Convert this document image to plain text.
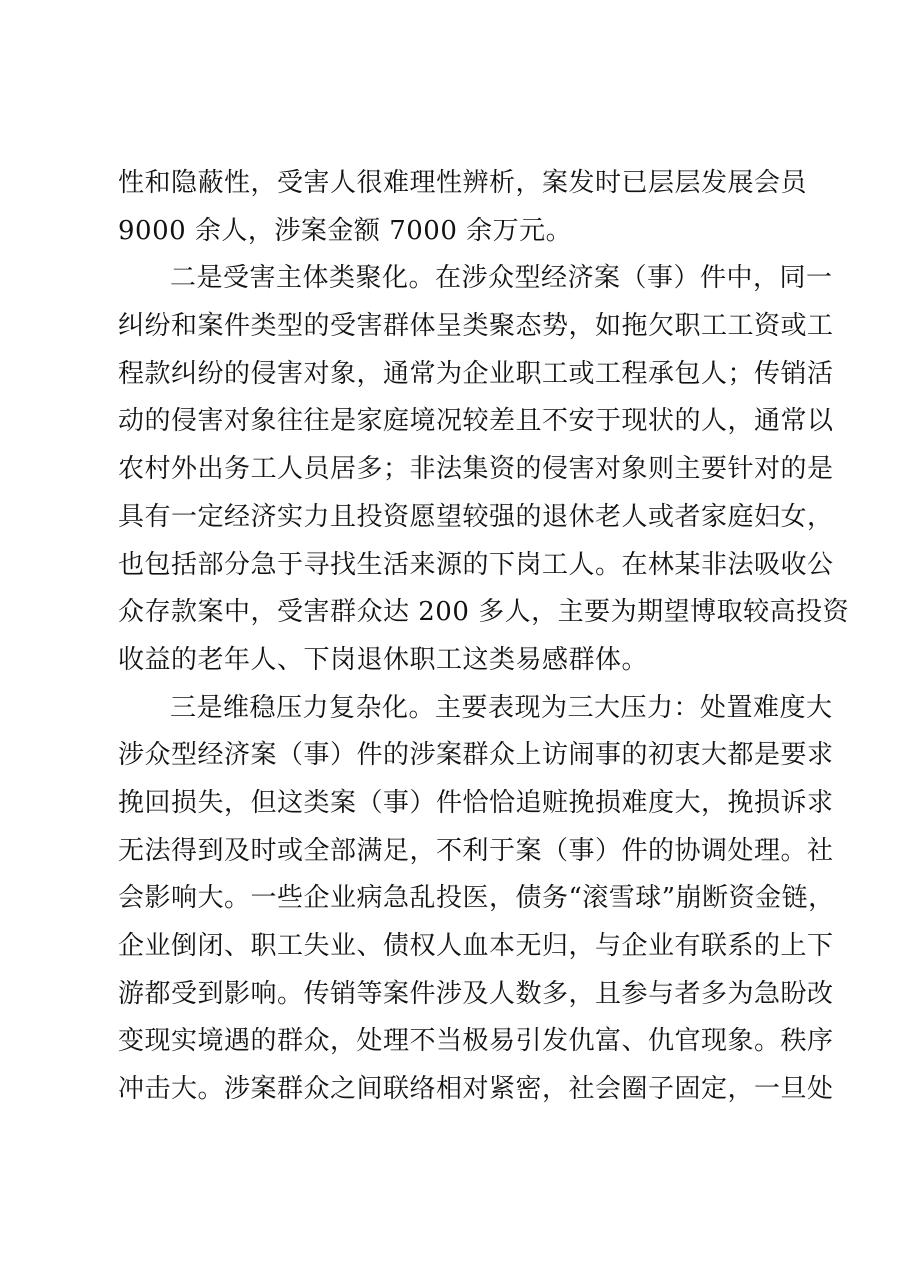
性和隐蔽性，受害人很难理性辨析，案发时已层层发展会员
9000 余人，涉案金额 7000 余万元。
二是受害主体类聚化。在涉众型经济案（事）件中，同一
纠纷和案件类型的受害群体呈类聚态势，如拖欠职工工资或工
程款纠纷的侵害对象，通常为企业职工或工程承包人；传销活
动的侵害对象往往是家庭境况较差且不安于现状的人，通常以
农村外出务工人员居多；非法集资的侵害对象则主要针对的是
具有一定经济实力且投资愿望较强的退休老人或者家庭妇女，
也包括部分急于寻找生活来源的下岗工人。在林某非法吸收公
众存款案中，受害群众达 200 多人，主要为期望博取较高投资
收益的老年人、下岗退休职工这类易感群体。
三是维稳压力复杂化。主要表现为三大压力：处置难度大
涉众型经济案（事）件的涉案群众上访闹事的初衷大都是要求
挽回损失，但这类案（事）件恰恰追赃挽损难度大，挽损诉求
无法得到及时或全部满足，不利于案（事）件的协调处理。社
会影响大。一些企业病急乱投医，债务“滚雪球”崩断资金链，
企业倒闭、职工失业、债权人血本无归，与企业有联系的上下
游都受到影响。传销等案件涉及人数多，且参与者多为急盼改
变现实境遇的群众，处理不当极易引发仇富、仇官现象。秩序
冲击大。涉案群众之间联络相对紧密，社会圈子固定，一旦处
